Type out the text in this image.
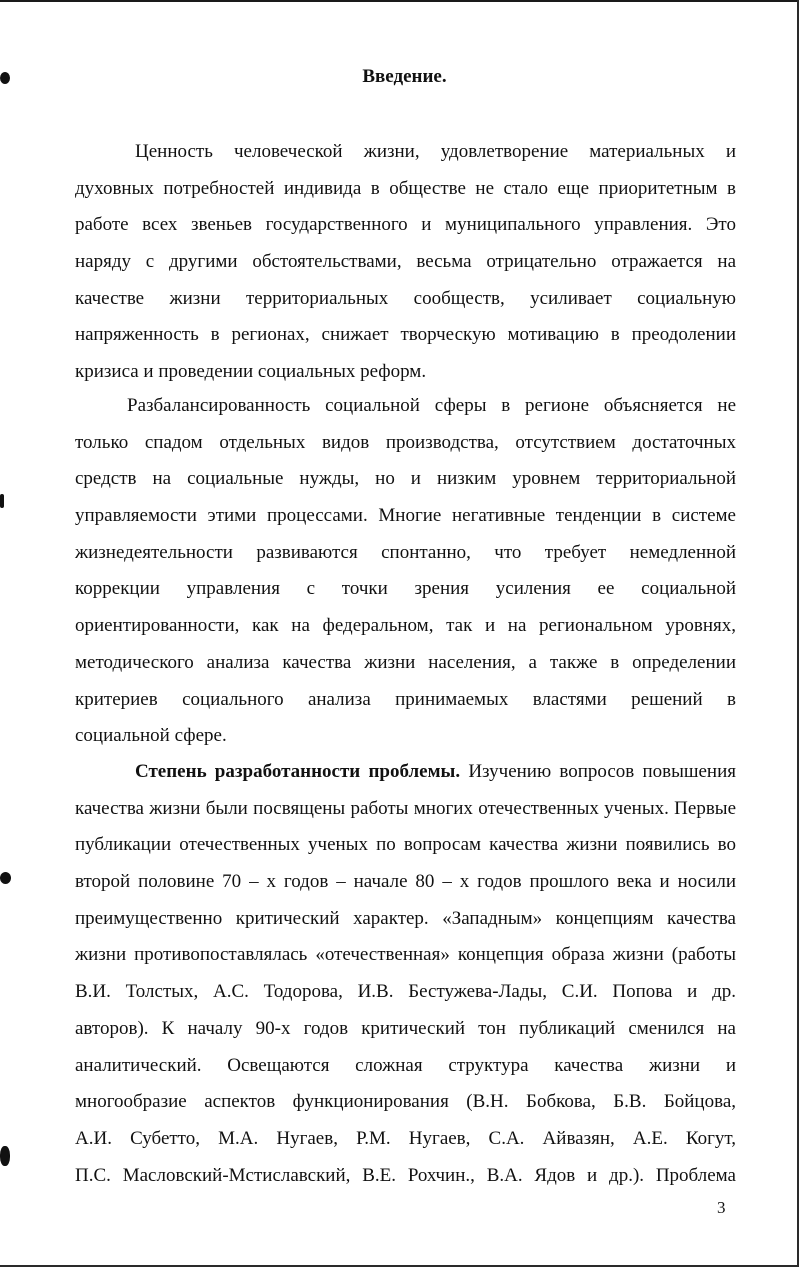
Введение.
Ценность человеческой жизни, удовлетворение материальных и
духовных потребностей индивида в обществе не стало еще приоритетным в
работе всех звеньев государственного и муниципального управления. Это
наряду с другими обстоятельствами, весьма отрицательно отражается на
качестве жизни территориальных сообществ, усиливает социальную
напряженность в регионах, снижает творческую мотивацию в преодолении
кризиса и проведении социальных реформ.
Разбалансированность социальной сферы в регионе объясняется не
только спадом отдельных видов производства, отсутствием достаточных
средств на социальные нужды, но и низким уровнем территориальной
управляемости этими процессами. Многие негативные тенденции в системе
жизнедеятельности развиваются спонтанно, что требует немедленной
коррекции управления с точки зрения усиления ее социальной
ориентированности, как на федеральном, так и на региональном уровнях,
методического анализа качества жизни населения, а также в определении
критериев социального анализа принимаемых властями решений в
социальной сфере.
Степень разработанности проблемы. Изучению вопросов повышения
качества жизни были посвящены работы многих отечественных ученых. Первые
публикации отечественных ученых по вопросам качества жизни появились во
второй половине 70 – х годов – начале 80 – х годов прошлого века и носили
преимущественно критический характер. «Западным» концепциям качества
жизни противопоставлялась «отечественная» концепция образа жизни (работы
В.И. Толстых, А.С. Тодорова, И.В. Бестужева-Лады, С.И. Попова и др.
авторов). К началу 90-х годов критический тон публикаций сменился на
аналитический. Освещаются сложная структура качества жизни и
многообразие аспектов функционирования (В.Н. Бобкова, Б.В. Бойцова,
А.И. Субетто, М.А. Нугаев, Р.М. Нугаев, С.А. Айвазян, А.Е. Когут,
П.С. Масловский-Мстиславский, В.Е. Рохчин., В.А. Ядов и др.). Проблема
3
